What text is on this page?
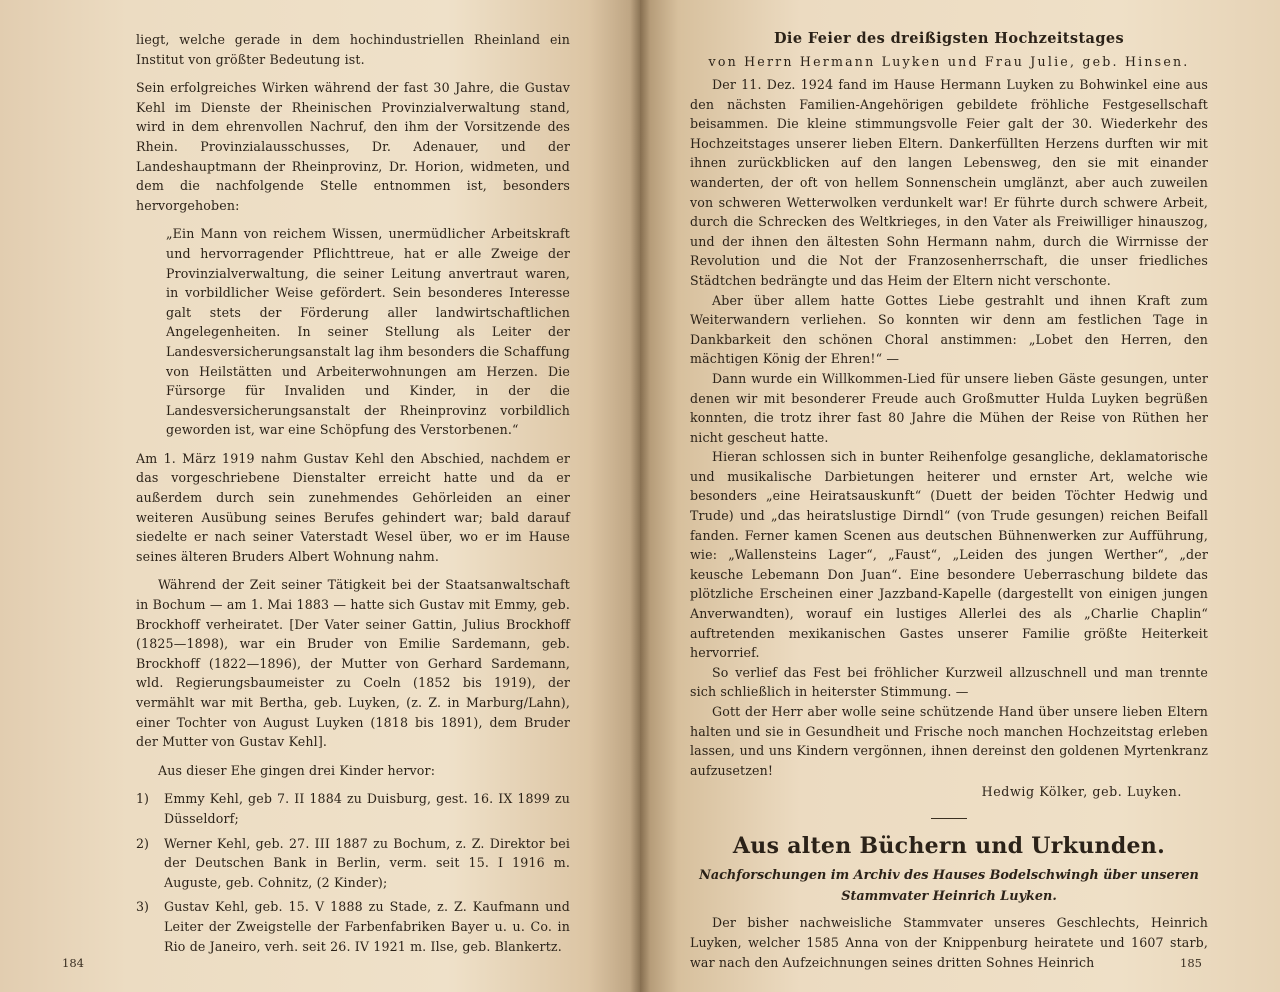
liegt, welche gerade in dem hochindustriellen Rheinland ein Institut von größter Bedeutung ist.

Sein erfolgreiches Wirken während der fast 30 Jahre, die Gustav Kehl im Dienste der Rheinischen Provinzialverwaltung stand, wird in dem ehrenvollen Nachruf, den ihm der Vorsitzende des Rhein. Provinzialausschusses, Dr. Adenauer, und der Landeshauptmann der Rheinprovinz, Dr. Horion, widmeten, und dem die nachfolgende Stelle entnommen ist, besonders hervorgehoben:

„Ein Mann von reichem Wissen, unermüdlicher Arbeitskraft und hervorragender Pflichttreue, hat er alle Zweige der Provinzialverwaltung, die seiner Leitung anvertraut waren, in vorbildlicher Weise gefördert. Sein besonderes Interesse galt stets der Förderung aller landwirtschaftlichen Angelegenheiten. In seiner Stellung als Leiter der Landesversicherungsanstalt lag ihm besonders die Schaffung von Heilstätten und Arbeiterwohnungen am Herzen. Die Fürsorge für Invaliden und Kinder, in der die Landesversicherungsanstalt der Rheinprovinz vorbildlich geworden ist, war eine Schöpfung des Verstorbenen.“

Am 1. März 1919 nahm Gustav Kehl den Abschied, nachdem er das vorgeschriebene Dienstalter erreicht hatte und da er außerdem durch sein zunehmendes Gehörleiden an einer weiteren Ausübung seines Berufes gehindert war; bald darauf siedelte er nach seiner Vaterstadt Wesel über, wo er im Hause seines älteren Bruders Albert Wohnung nahm.

Während der Zeit seiner Tätigkeit bei der Staatsanwaltschaft in Bochum — am 1. Mai 1883 — hatte sich Gustav mit Emmy, geb. Brockhoff verheiratet. [Der Vater seiner Gattin, Julius Brockhoff (1825—1898), war ein Bruder von Emilie Sardemann, geb. Brockhoff (1822—1896), der Mutter von Gerhard Sardemann, wld. Regierungsbaumeister zu Coeln (1852 bis 1919), der vermählt war mit Bertha, geb. Luyken, (z. Z. in Marburg/Lahn), einer Tochter von August Luyken (1818 bis 1891), dem Bruder der Mutter von Gustav Kehl].

Aus dieser Ehe gingen drei Kinder hervor:

1)	Emmy Kehl, geb 7. II 1884 zu Duisburg, gest. 16. IX 1899 zu Düsseldorf;

2)	Werner Kehl, geb. 27. III 1887 zu Bochum, z. Z. Direktor bei der Deutschen Bank in Berlin, verm. seit 15. I 1916 m. Auguste, geb. Cohnitz, (2 Kinder);

3)	Gustav Kehl, geb. 15. V 1888 zu Stade, z. Z. Kaufmann und Leiter der Zweigstelle der Farbenfabriken Bayer u. u. Co. in Rio de Janeiro, verh. seit 26. IV 1921 m. Ilse, geb. Blankertz.

184
Die Feier des dreißigsten Hochzeitstages
von Herrn Hermann Luyken und Frau Julie, geb. Hinsen.

Der 11. Dez. 1924 fand im Hause Hermann Luyken zu Bohwinkel eine aus den nächsten Familien-Angehörigen gebildete fröhliche Festgesellschaft beisammen. Die kleine stimmungsvolle Feier galt der 30. Wiederkehr des Hochzeitstages unserer lieben Eltern. Dankerfüllten Herzens durften wir mit ihnen zurückblicken auf den langen Lebensweg, den sie mit einander wanderten, der oft von hellem Sonnenschein umglänzt, aber auch zuweilen von schweren Wetterwolken verdunkelt war! Er führte durch schwere Arbeit, durch die Schrecken des Weltkrieges, in den Vater als Freiwilliger hinauszog, und der ihnen den ältesten Sohn Hermann nahm, durch die Wirrnisse der Revolution und die Not der Franzosenherrschaft, die unser friedliches Städtchen bedrängte und das Heim der Eltern nicht verschonte.

Aber über allem hatte Gottes Liebe gestrahlt und ihnen Kraft zum Weiterwandern verliehen. So konnten wir denn am festlichen Tage in Dankbarkeit den schönen Choral anstimmen: „Lobet den Herren, den mächtigen König der Ehren!“ —

Dann wurde ein Willkommen-Lied für unsere lieben Gäste gesungen, unter denen wir mit besonderer Freude auch Großmutter Hulda Luyken begrüßen konnten, die trotz ihrer fast 80 Jahre die Mühen der Reise von Rüthen her nicht gescheut hatte.

Hieran schlossen sich in bunter Reihenfolge gesangliche, deklamatorische und musikalische Darbietungen heiterer und ernster Art, welche wie besonders „eine Heiratsauskunft“ (Duett der beiden Töchter Hedwig und Trude) und „das heiratslustige Dirndl“ (von Trude gesungen) reichen Beifall fanden. Ferner kamen Scenen aus deutschen Bühnenwerken zur Aufführung, wie: „Wallensteins Lager“, „Faust“, „Leiden des jungen Werther“, „der keusche Lebemann Don Juan“. Eine besondere Ueberraschung bildete das plötzliche Erscheinen einer Jazzband-Kapelle (dargestellt von einigen jungen Anverwandten), worauf ein lustiges Allerlei des als „Charlie Chaplin“ auftretenden mexikanischen Gastes unserer Familie größte Heiterkeit hervorrief.

So verlief das Fest bei fröhlicher Kurzweil allzuschnell und man trennte sich schließlich in heiterster Stimmung. —

Gott der Herr aber wolle seine schützende Hand über unsere lieben Eltern halten und sie in Gesundheit und Frische noch manchen Hochzeitstag erleben lassen, und uns Kindern vergönnen, ihnen dereinst den goldenen Myrtenkranz aufzusetzen!

Hedwig Kölker, geb. Luyken.
Aus alten Büchern und Urkunden.
Nachforschungen im Archiv des Hauses Bodelschwingh über unseren Stammvater Heinrich Luyken.

Der bisher nachweisliche Stammvater unseres Geschlechts, Heinrich Luyken, welcher 1585 Anna von der Knippenburg heiratete und 1607 starb, war nach den Aufzeichnungen seines dritten Sohnes Heinrich	185
